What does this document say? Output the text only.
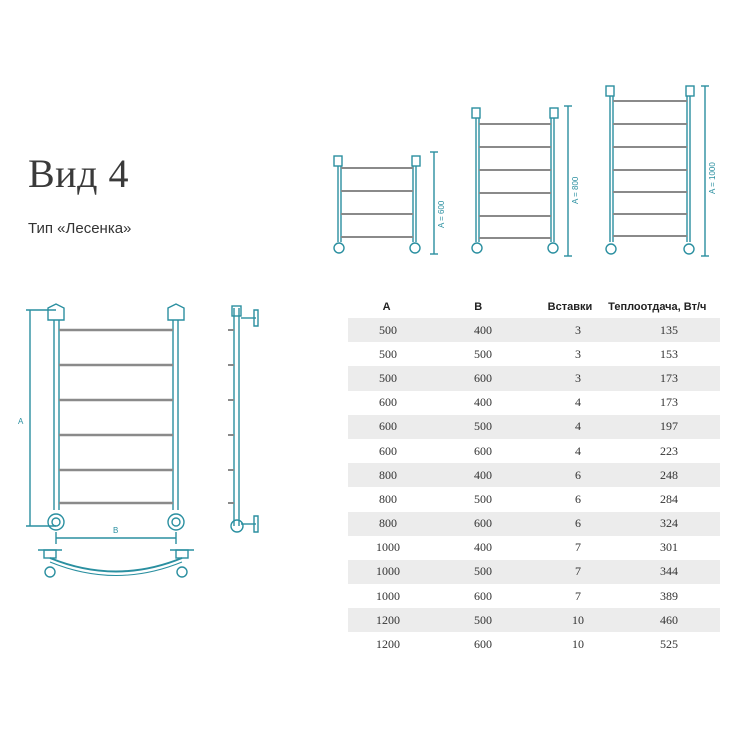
Вид 4
Тип «Лесенка»
A = 600
A = 800	A = 1000
A
B
A	B	Вставки	Теплоотдача, Вт/ч
500	400	3	135
500	500	3	153
500	600	3	173
600	400	4	173
600	500	4	197
600	600	4	223
800	400	6	248
800	500	6	284
800	600	6	324
1000	400	7	301
1000	500	7	344
1000	600	7	389
1200	500	10	460
1200	600	10	525
